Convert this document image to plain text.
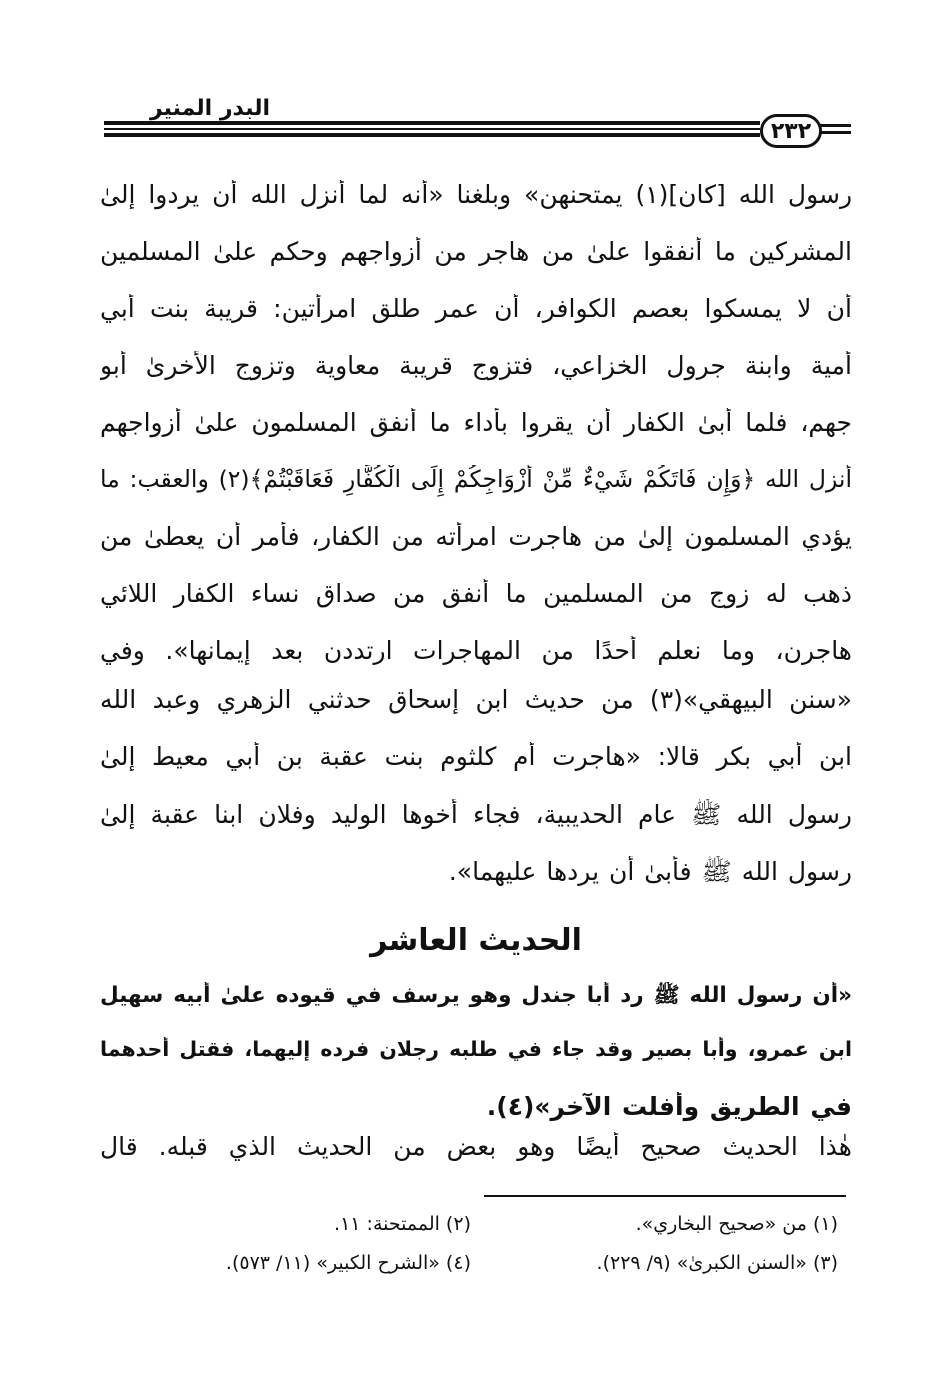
البدر المنير
٢٣٢
رسول الله [كان](١) يمتحنهن» وبلغنا «أنه لما أنزل الله أن يردوا إلىٰ
المشركين ما أنفقوا علىٰ من هاجر من أزواجهم وحكم علىٰ المسلمين
أن لا يمسكوا بعصم الكوافر، أن عمر طلق امرأتين: قريبة بنت أبي
أمية وابنة جرول الخزاعي، فتزوج قريبة معاوية وتزوج الأخرىٰ أبو
جهم، فلما أبىٰ الكفار أن يقروا بأداء ما أنفق المسلمون علىٰ أزواجهم
أنزل الله ﴿وَإِن فَاتَكُمْ شَيْءٌ مِّنْ أَزْوَاجِكُمْ إِلَى الْكُفَّارِ فَعَاقَبْتُمْ﴾(٢) والعقب: ما
يؤدي المسلمون إلىٰ من هاجرت امرأته من الكفار، فأمر أن يعطىٰ من
ذهب له زوج من المسلمين ما أنفق من صداق نساء الكفار اللائي
هاجرن، وما نعلم أحدًا من المهاجرات ارتددن بعد إيمانها». وفي
«سنن البيهقي»(٣) من حديث ابن إسحاق حدثني الزهري وعبد الله
ابن أبي بكر قالا: «هاجرت أم كلثوم بنت عقبة بن أبي معيط إلىٰ
رسول الله ﷺ عام الحديبية، فجاء أخوها الوليد وفلان ابنا عقبة إلىٰ
رسول الله ﷺ فأبىٰ أن يردها عليهما».
الحديث العاشر
«أن رسول الله ﷺ رد أبا جندل وهو يرسف في قيوده علىٰ أبيه سهيل
ابن عمرو، وأبا بصير وقد جاء في طلبه رجلان فرده إليهما، فقتل أحدهما
في الطريق وأفلت الآخر»(٤).
هٰذا الحديث صحيح أيضًا وهو بعض من الحديث الذي قبله. قال
(١) من «صحيح البخاري».
(٢) الممتحنة: ١١.
(٣) «السنن الكبرىٰ» (٩/ ٢٢٩).
(٤) «الشرح الكبير» (١١/ ٥٧٣).
